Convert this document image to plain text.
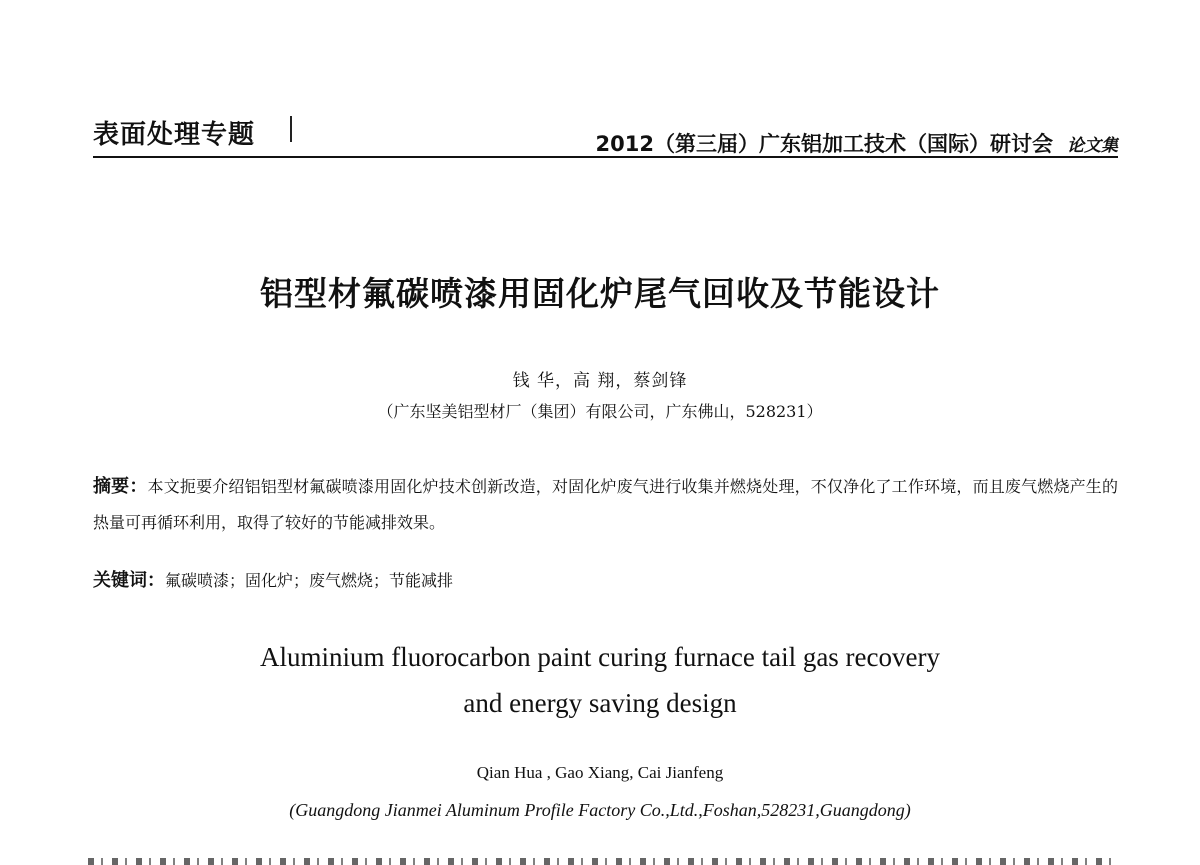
表面处理专题	2012（第三届）广东铝加工技术（国际）研讨会 论文集
铝型材氟碳喷漆用固化炉尾气回收及节能设计
钱 华，高 翔，蔡剑锋
（广东坚美铝型材厂（集团）有限公司，广东佛山，528231）
摘要：本文扼要介绍铝铝型材氟碳喷漆用固化炉技术创新改造，对固化炉废气进行收集并燃烧处理，不仅净化了工作环境，而且废气燃烧产生的热量可再循环利用，取得了较好的节能减排效果。
关键词：氟碳喷漆；固化炉；废气燃烧；节能减排
Aluminium fluorocarbon paint curing furnace tail gas recovery
and energy saving design
Qian Hua , Gao Xiang, Cai Jianfeng
(Guangdong Jianmei Aluminum Profile Factory Co.,Ltd.,Foshan,528231,Guangdong)
